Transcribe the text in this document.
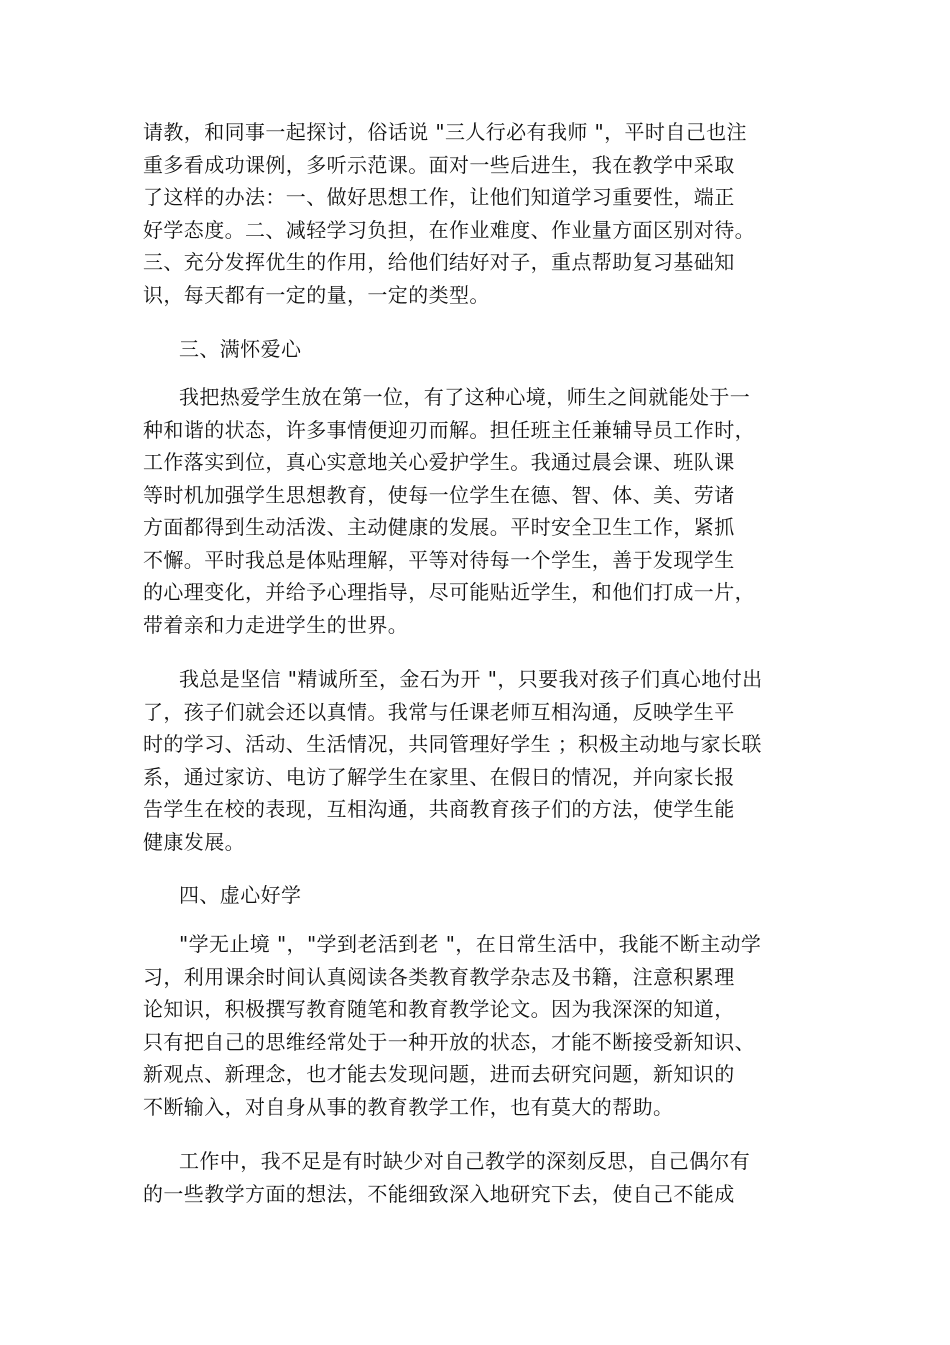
请教，和同事一起探讨，俗话说 "三人行必有我师 "，平时自己也注
重多看成功课例，多听示范课。面对一些后进生，我在教学中采取
了这样的办法：一、做好思想工作，让他们知道学习重要性，端正
好学态度。二、减轻学习负担，在作业难度、作业量方面区别对待。
三、充分发挥优生的作用，给他们结好对子，重点帮助复习基础知
识，每天都有一定的量，一定的类型。
三、满怀爱心
我把热爱学生放在第一位，有了这种心境，师生之间就能处于一
种和谐的状态，许多事情便迎刃而解。担任班主任兼辅导员工作时，
工作落实到位，真心实意地关心爱护学生。我通过晨会课、班队课
等时机加强学生思想教育，使每一位学生在德、智、体、美、劳诸
方面都得到生动活泼、主动健康的发展。平时安全卫生工作，紧抓
不懈。平时我总是体贴理解，平等对待每一个学生，善于发现学生
的心理变化，并给予心理指导，尽可能贴近学生，和他们打成一片，
带着亲和力走进学生的世界。
我总是坚信 "精诚所至，金石为开 "，只要我对孩子们真心地付出
了，孩子们就会还以真情。我常与任课老师互相沟通，反映学生平
时的学习、活动、生活情况，共同管理好学生 ；积极主动地与家长联
系，通过家访、电访了解学生在家里、在假日的情况，并向家长报
告学生在校的表现，互相沟通，共商教育孩子们的方法，使学生能
健康发展。
四、虚心好学
"学无止境 "，"学到老活到老 "，在日常生活中，我能不断主动学
习，利用课余时间认真阅读各类教育教学杂志及书籍，注意积累理
论知识，积极撰写教育随笔和教育教学论文。因为我深深的知道，
只有把自己的思维经常处于一种开放的状态，才能不断接受新知识、
新观点、新理念，也才能去发现问题，进而去研究问题，新知识的
不断输入，对自身从事的教育教学工作，也有莫大的帮助。
工作中，我不足是有时缺少对自己教学的深刻反思，自己偶尔有
的一些教学方面的想法，不能细致深入地研究下去，使自己不能成
